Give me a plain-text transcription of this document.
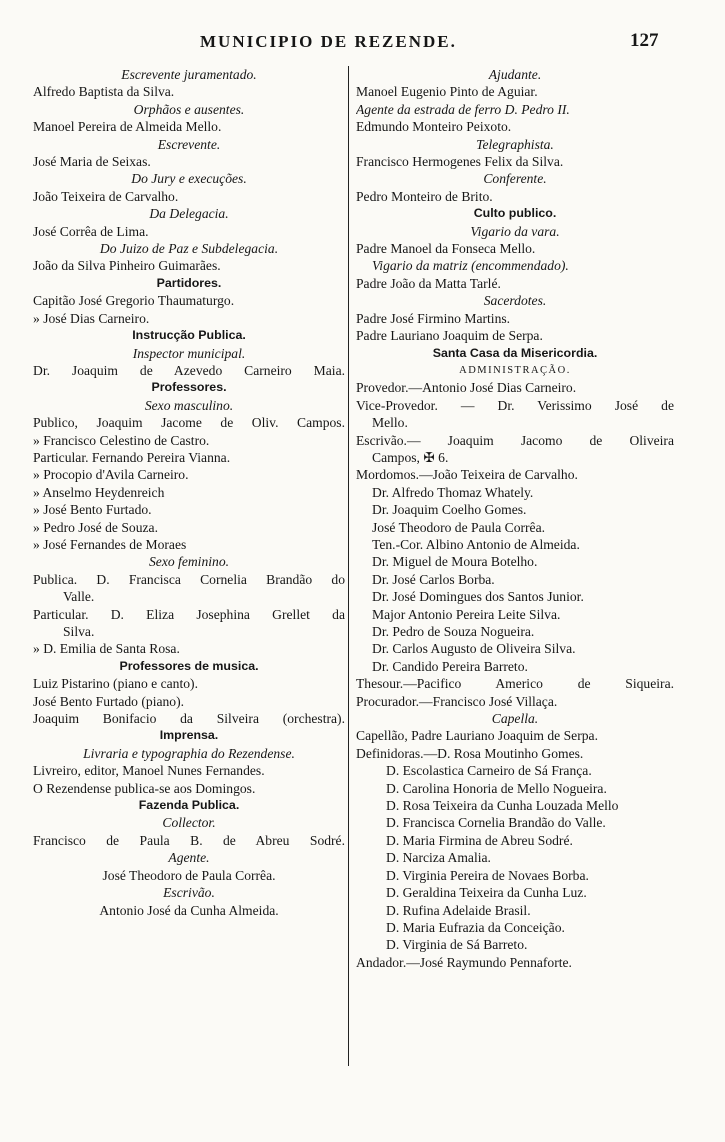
MUNICIPIO DE REZENDE.	127
Escrevente juramentado.
Alfredo Baptista da Silva.
Orphãos e ausentes.
Manoel Pereira de Almeida Mello.
Escrevente.
José Maria de Seixas.
Do Jury e execuções.
João Teixeira de Carvalho.
Da Delegacia.
José Corrêa de Lima.
Do Juizo de Paz e Subdelegacia.
João da Silva Pinheiro Guimarães.
Partidores.
Capitão José Gregorio Thaumaturgo.
» José Dias Carneiro.
Instrucção Publica.
Inspector municipal.
Dr. Joaquim de Azevedo Carneiro Maia.
Professores.
Sexo masculino.
Publico, Joaquim Jacome de Oliv. Campos.
» Francisco Celestino de Castro.
Particular. Fernando Pereira Vianna.
» Procopio d'Avila Carneiro.
» Anselmo Heydenreich
» José Bento Furtado.
» Pedro José de Souza.
» José Fernandes de Moraes
Sexo feminino.
Publica. D. Francisca Cornelia Brandão do
Valle.
Particular. D. Eliza Josephina Grellet da
Silva.
» D. Emilia de Santa Rosa.
Professores de musica.
Luiz Pistarino (piano e canto).
José Bento Furtado (piano).
Joaquim Bonifacio da Silveira (orchestra).
Imprensa.
Livraria e typographia do Rezendense.
Livreiro, editor, Manoel Nunes Fernandes.
O Rezendense publica-se aos Domingos.
Fazenda Publica.
Collector.
Francisco de Paula B. de Abreu Sodré.
Agente.
José Theodoro de Paula Corrêa.
Escrivão.
Antonio José da Cunha Almeida.
Ajudante.
Manoel Eugenio Pinto de Aguiar.
Agente da estrada de ferro D. Pedro II.
Edmundo Monteiro Peixoto.
Telegraphista.
Francisco Hermogenes Felix da Silva.
Conferente.
Pedro Monteiro de Brito.
Culto publico.
Vigario da vara.
Padre Manoel da Fonseca Mello.
Vigario da matriz (encommendado).
Padre João da Matta Tarlé.
Sacerdotes.
Padre José Firmino Martins.
Padre Lauriano Joaquim de Serpa.
Santa Casa da Misericordia.
ADMINISTRAÇÃO.
Provedor.—Antonio José Dias Carneiro.
Vice-Provedor. — Dr. Verissimo José de
Mello.
Escrivão.— Joaquim Jacomo de Oliveira
Campos, ✠ 6.
Mordomos.—João Teixeira de Carvalho.
Dr. Alfredo Thomaz Whately.
Dr. Joaquim Coelho Gomes.
José Theodoro de Paula Corrêa.
Ten.-Cor. Albino Antonio de Almeida.
Dr. Miguel de Moura Botelho.
Dr. José Carlos Borba.
Dr. José Domingues dos Santos Junior.
Major Antonio Pereira Leite Silva.
Dr. Pedro de Souza Nogueira.
Dr. Carlos Augusto de Oliveira Silva.
Dr. Candido Pereira Barreto.
Thesour.—Pacifico Americo de Siqueira.
Procurador.—Francisco José Villaça.
Capella.
Capellão, Padre Lauriano Joaquim de Serpa.
Definidoras.—D. Rosa Moutinho Gomes.
D. Escolastica Carneiro de Sá França.
D. Carolina Honoria de Mello Nogueira.
D. Rosa Teixeira da Cunha Louzada Mello
D. Francisca Cornelia Brandão do Valle.
D. Maria Firmina de Abreu Sodré.
D. Narciza Amalia.
D. Virginia Pereira de Novaes Borba.
D. Geraldina Teixeira da Cunha Luz.
D. Rufina Adelaide Brasil.
D. Maria Eufrazia da Conceição.
D. Virginia de Sá Barreto.
Andador.—José Raymundo Pennaforte.
